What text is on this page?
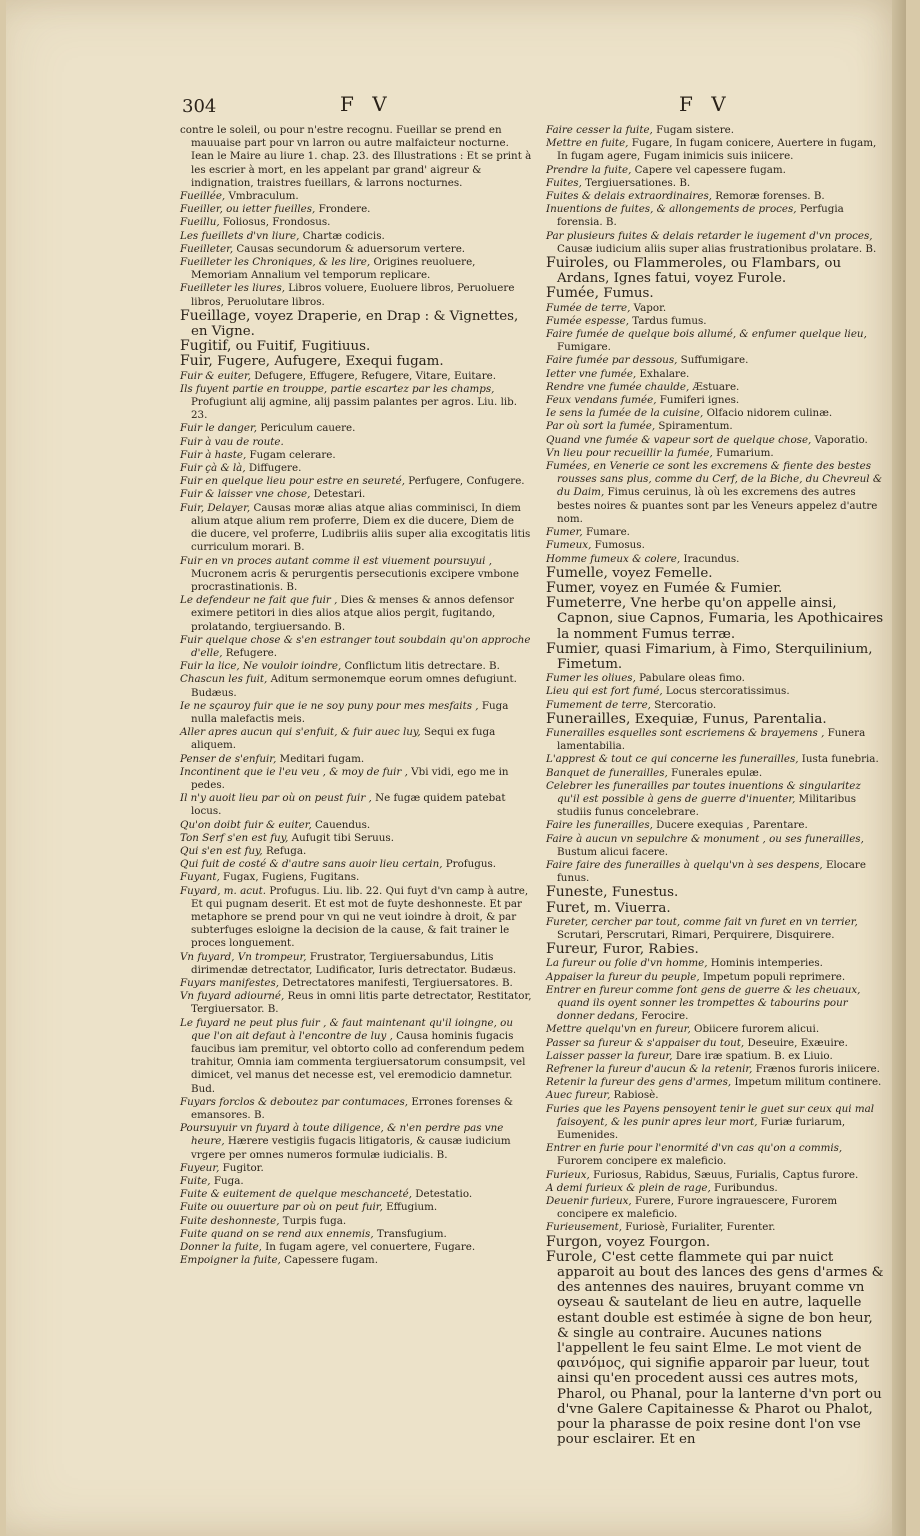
304	F V	F V

contre le soleil, ou pour n'estre recognu. Fueillar se prend en mauuaise part pour vn larron ou autre malfaicteur nocturne. Iean le Maire au liure 1. chap. 23. des Illustrations : Et se print à les escrier à mort, en les appelant par grand' aigreur & indignation, traistres fueillars, & larrons nocturnes.

Fueillée, Vmbraculum.

Fueiller, ou ietter fueilles, Frondere.

Fueillu, Foliosus, Frondosus.

Les fueillets d'vn liure, Chartæ codicis.

Fueilleter, Causas secundorum & aduersorum vertere.

Fueilleter les Chroniques, & les lire, Origines reuoluere, Memoriam Annalium vel temporum replicare.

Fueilleter les liures, Libros voluere, Euoluere libros, Peruoluere libros, Peruolutare libros.

Fueillage, voyez Draperie, en Drap : & Vignettes, en Vigne.

Fugitif, ou Fuitif, Fugitiuus.

Fuir, Fugere, Aufugere, Exequi fugam.

Fuir & euiter, Defugere, Effugere, Refugere, Vitare, Euitare.

Ils fuyent partie en trouppe, partie escartez par les champs, Profugiunt alij agmine, alij passim palantes per agros. Liu. lib. 23.

Fuir le danger, Periculum cauere.

Fuir à vau de route.

Fuir à haste, Fugam celerare.

Fuir çà & là, Diffugere.

Fuir en quelque lieu pour estre en seureté, Perfugere, Confugere.

Fuir & laisser vne chose, Detestari.

Fuir, Delayer, Causas moræ alias atque alias comminisci, In diem alium atque alium rem proferre, Diem ex die ducere, Diem de die ducere, vel proferre, Ludibriis aliis super alia excogitatis litis curriculum morari. B.

Fuir en vn proces autant comme il est viuement poursuyui , Mucronem acris & perurgentis persecutionis excipere vmbone procrastinationis. B.

Le defendeur ne fait que fuir , Dies & menses & annos defensor eximere petitori in dies alios atque alios pergit, fugitando, prolatando, tergiuersando. B.

Fuir quelque chose & s'en estranger tout soubdain qu'on approche d'elle, Refugere.

Fuir la lice, Ne vouloir ioindre, Conflictum litis detrectare. B.

Chascun les fuit, Aditum sermonemque eorum omnes defugiunt. Budæus.

Ie ne sçauroy fuir que ie ne soy puny pour mes mesfaits , Fuga nulla malefactis meis.

Aller apres aucun qui s'enfuit, & fuir auec luy, Sequi ex fuga aliquem.

Penser de s'enfuir, Meditari fugam.

Incontinent que ie l'eu veu , & moy de fuir , Vbi vidi, ego me in pedes.

Il n'y auoit lieu par où on peust fuir , Ne fugæ quidem patebat locus.

Qu'on doibt fuir & euiter, Cauendus.

Ton Serf s'en est fuy, Aufugit tibi Seruus.

Qui s'en est fuy, Refuga.

Qui fuit de costé & d'autre sans auoir lieu certain, Profugus.

Fuyant, Fugax, Fugiens, Fugitans.

Fuyard, m. acut. Profugus. Liu. lib. 22. Qui fuyt d'vn camp à autre, Et qui pugnam deserit. Et est mot de fuyte deshonneste. Et par metaphore se prend pour vn qui ne veut ioindre à droit, & par subterfuges esloigne la decision de la cause, & fait trainer le proces longuement.

Vn fuyard, Vn trompeur, Frustrator, Tergiuersabundus, Litis dirimendæ detrectator, Ludificator, Iuris detrectator. Budæus.

Fuyars manifestes, Detrectatores manifesti, Tergiuersatores. B.

Vn fuyard adiourné, Reus in omni litis parte detrectator, Restitator, Tergiuersator. B.

Le fuyard ne peut plus fuir , & faut maintenant qu'il ioingne, ou que l'on ait defaut à l'encontre de luy , Causa hominis fugacis faucibus iam premitur, vel obtorto collo ad conferendum pedem trahitur, Omnia iam commenta tergiuersatorum consumpsit, vel dimicet, vel manus det necesse est, vel eremodicio damnetur. Bud.

Fuyars forclos & deboutez par contumaces, Errones forenses & emansores. B.

Poursuyuir vn fuyard à toute diligence, & n'en perdre pas vne heure, Hærere vestigiis fugacis litigatoris, & causæ iudicium vrgere per omnes numeros formulæ iudicialis. B.

Fuyeur, Fugitor.

Fuite, Fuga.

Fuite & euitement de quelque meschanceté, Detestatio.

Fuite ou ouuerture par où on peut fuir, Effugium.

Fuite deshonneste, Turpis fuga.

Fuite quand on se rend aux ennemis, Transfugium.

Donner la fuite, In fugam agere, vel conuertere, Fugare.

Empoigner la fuite, Capessere fugam.

Faire cesser la fuite, Fugam sistere.

Mettre en fuite, Fugare, In fugam conicere, Auertere in fugam, In fugam agere, Fugam inimicis suis iniicere.

Prendre la fuite, Capere vel capessere fugam.

Fuites, Tergiuersationes. B.

Fuites & delais extraordinaires, Remoræ forenses. B.

Inuentions de fuites, & allongements de proces, Perfugia forensia. B.

Par plusieurs fuites & delais retarder le iugement d'vn proces, Causæ iudicium aliis super alias frustrationibus prolatare. B.

Fuiroles, ou Flammeroles, ou Flambars, ou Ardans, Ignes fatui, voyez Furole.

Fumée, Fumus.

Fumée de terre, Vapor.

Fumée espesse, Tardus fumus.

Faire fumée de quelque bois allumé, & enfumer quelque lieu, Fumigare.

Faire fumée par dessous, Suffumigare.

Ietter vne fumée, Exhalare.

Rendre vne fumée chaulde, Æstuare.

Feux vendans fumée, Fumiferi ignes.

Ie sens la fumée de la cuisine, Olfacio nidorem culinæ.

Par où sort la fumée, Spiramentum.

Quand vne fumée & vapeur sort de quelque chose, Vaporatio.

Vn lieu pour recueillir la fumée, Fumarium.

Fumées, en Venerie ce sont les excremens & fiente des bestes rousses sans plus, comme du Cerf, de la Biche, du Chevreul & du Daim, Fimus ceruinus, là où les excremens des autres bestes noires & puantes sont par les Veneurs appelez d'autre nom.

Fumer, Fumare.

Fumeux, Fumosus.

Homme fumeux & colere, Iracundus.

Fumelle, voyez Femelle.

Fumer, voyez en Fumée & Fumier.

Fumeterre, Vne herbe qu'on appelle ainsi, Capnon, siue Capnos, Fumaria, les Apothicaires la nomment Fumus terræ.

Fumier, quasi Fimarium, à Fimo, Sterquilinium, Fimetum.

Fumer les oliues, Pabulare oleas fimo.

Lieu qui est fort fumé, Locus stercoratissimus.

Fumement de terre, Stercoratio.

Funerailles, Exequiæ, Funus, Parentalia.

Funerailles esquelles sont escriemens & brayemens , Funera lamentabilia.

L'apprest & tout ce qui concerne les funerailles, Iusta funebria.

Banquet de funerailles, Funerales epulæ.

Celebrer les funerailles par toutes inuentions & singularitez qu'il est possible à gens de guerre d'inuenter, Militaribus studiis funus concelebrare.

Faire les funerailles, Ducere exequias , Parentare.

Faire à aucun vn sepulchre & monument , ou ses funerailles, Bustum alicui facere.

Faire faire des funerailles à quelqu'vn à ses despens, Elocare funus.

Funeste, Funestus.

Furet, m. Viuerra.

Fureter, cercher par tout, comme fait vn furet en vn terrier, Scrutari, Perscrutari, Rimari, Perquirere, Disquirere.

Fureur, Furor, Rabies.

La fureur ou folie d'vn homme, Hominis intemperies.

Appaiser la fureur du peuple, Impetum populi reprimere.

Entrer en fureur comme font gens de guerre & les cheuaux, quand ils oyent sonner les trompettes & tabourins pour donner dedans, Ferocire.

Mettre quelqu'vn en fureur, Obiicere furorem alicui.

Passer sa fureur & s'appaiser du tout, Deseuire, Exæuire.

Laisser passer la fureur, Dare iræ spatium. B. ex Liuio.

Refrener la fureur d'aucun & la retenir, Frænos furoris iniicere.

Retenir la fureur des gens d'armes, Impetum militum continere.

Auec fureur, Rabiosè.

Furies que les Payens pensoyent tenir le guet sur ceux qui mal faisoyent, & les punir apres leur mort, Furiæ furiarum, Eumenides.

Entrer en furie pour l'enormité d'vn cas qu'on a commis, Furorem concipere ex maleficio.

Furieux, Furiosus, Rabidus, Sæuus, Furialis, Captus furore.

A demi furieux & plein de rage, Furibundus.

Deuenir furieux, Furere, Furore ingrauescere, Furorem concipere ex maleficio.

Furieusement, Furiosè, Furialiter, Furenter.

Furgon, voyez Fourgon.

Furole, C'est cette flammete qui par nuict apparoit au bout des lances des gens d'armes & des antennes des nauires, bruyant comme vn oyseau & sautelant de lieu en autre, laquelle estant double est estimée à signe de bon heur, & single au contraire. Aucunes nations l'appellent le feu saint Elme. Le mot vient de φαινόμος, qui signifie apparoir par lueur, tout ainsi qu'en procedent aussi ces autres mots, Pharol, ou Phanal, pour la lanterne d'vn port ou d'vne Galere Capitainesse & Pharot ou Phalot, pour la pharasse de poix resine dont l'on vse pour esclairer. Et en
